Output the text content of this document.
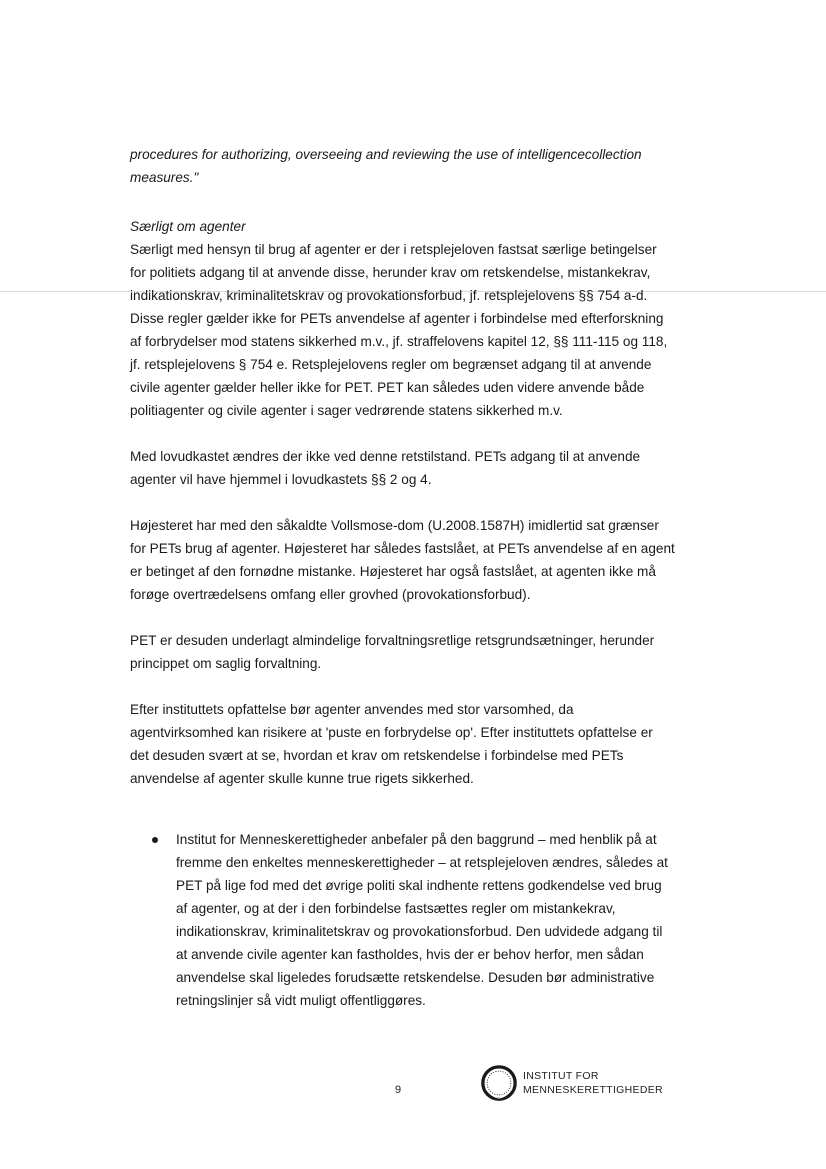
procedures for authorizing, overseeing and reviewing the use of intelligencecollection measures."

Særligt om agenter

Særligt med hensyn til brug af agenter er der i retsplejeloven fastsat særlige betingelser for politiets adgang til at anvende disse, herunder krav om retskendelse, mistankekrav, indikationskrav, kriminalitetskrav og provokationsforbud, jf. retsplejelovens §§ 754 a-d. Disse regler gælder ikke for PETs anvendelse af agenter i forbindelse med efterforskning af forbrydelser mod statens sikkerhed m.v., jf. straffelovens kapitel 12, §§ 111-115 og 118, jf. retsplejelovens § 754 e. Retsplejelovens regler om begrænset adgang til at anvende civile agenter gælder heller ikke for PET. PET kan således uden videre anvende både politiagenter og civile agenter i sager vedrørende statens sikkerhed m.v.

Med lovudkastet ændres der ikke ved denne retstilstand. PETs adgang til at anvende agenter vil have hjemmel i lovudkastets §§ 2 og 4.

Højesteret har med den såkaldte Vollsmose-dom (U.2008.1587H) imidlertid sat grænser for PETs brug af agenter. Højesteret har således fastslået, at PETs anvendelse af en agent er betinget af den fornødne mistanke. Højesteret har også fastslået, at agenten ikke må forøge overtrædelsens omfang eller grovhed (provokationsforbud).

PET er desuden underlagt almindelige forvaltningsretlige retsgrundsætninger, herunder princippet om saglig forvaltning.

Efter instituttets opfattelse bør agenter anvendes med stor varsomhed, da agentvirksomhed kan risikere at 'puste en forbrydelse op'. Efter instituttets opfattelse er det desuden svært at se, hvordan et krav om retskendelse i forbindelse med PETs anvendelse af agenter skulle kunne true rigets sikkerhed.

Institut for Menneskerettigheder anbefaler på den baggrund – med henblik på at fremme den enkeltes menneskerettigheder – at retsplejeloven ændres, således at PET på lige fod med det øvrige politi skal indhente rettens godkendelse ved brug af agenter, og at der i den forbindelse fastsættes regler om mistankekrav, indikationskrav, kriminalitetskrav og provokationsforbud. Den udvidede adgang til at anvende civile agenter kan fastholdes, hvis der er behov herfor, men sådan anvendelse skal ligeledes forudsætte retskendelse. Desuden bør administrative retningslinjer så vidt muligt offentliggøres.
9
INSTITUT FOR
MENNESKERETTIGHEDER
